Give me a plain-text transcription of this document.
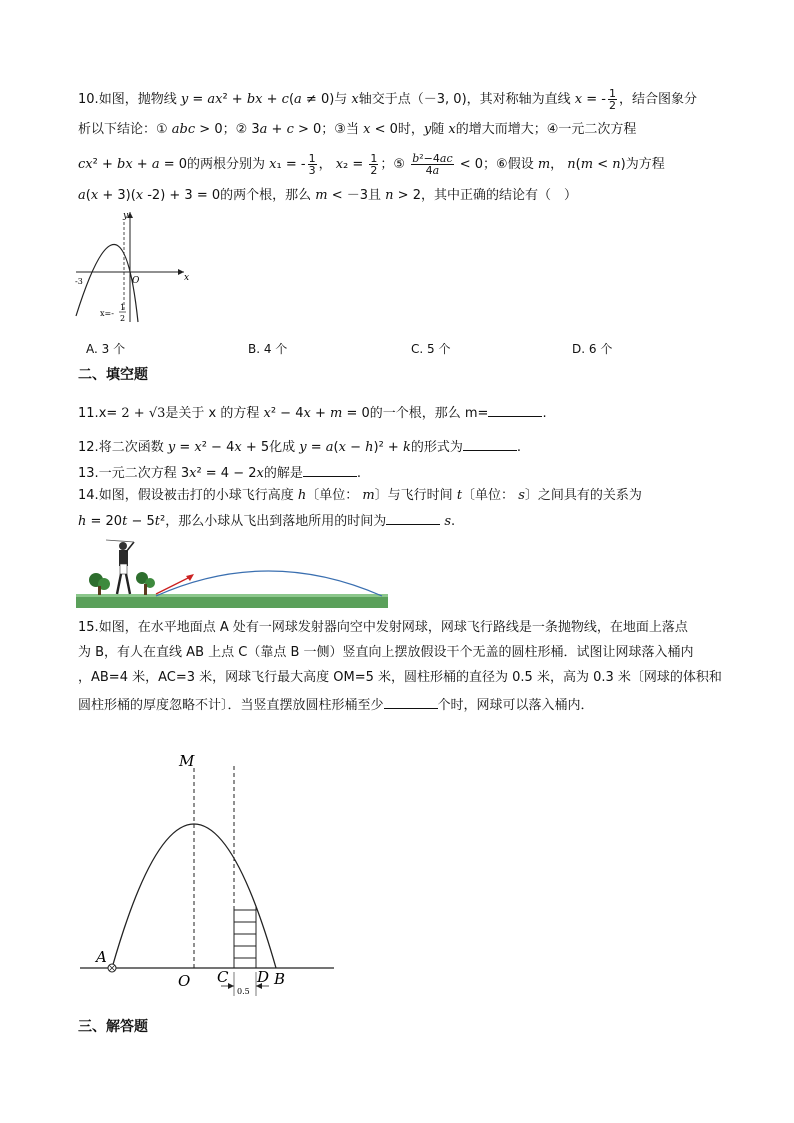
10.如图，抛物线 y = ax² + bx + c(a ≠ 0)与 x轴交于点（－3, 0)，其对称轴为直线 x = - $\frac{1}{2}$ ，结合图象分
析以下结论：① abc > 0；② 3a + c > 0；③当 x < 0时，y随 x的增大而增大；④一元二次方程
cx² + bx + a = 0的两根分别为 x₁ = - $\frac{1}{3}$ ， $x_2 = \frac{1}{2}$ ；⑤ $\frac{\text{b²−4ac}}{4a} < 0$；⑥假设 m， n(m < n)为方程
a(x + 3)(x -2) + 3 = 0的两个根，那么 m < －3且 n > 2，其中正确的结论有（　）
x
y
O
-3
x=-
1
2
A. 3 个	B. 4 个	C. 5 个	D. 6 个
二、填空题
11.x= 2 + √3是关于 x 的方程 x² − 4x + m = 0的一个根，那么 m=	.
12.将二次函数 y = x² − 4x + 5化成 y = a(x − h)² + k的形式为	.
13.一元二次方程 3x² = 4 − 2x的解是	.
14.如图，假设被击打的小球飞行高度 h〔单位： m〕与飞行时间 t〔单位： s〕之间具有的关系为
h = 20t − 5t²，那么小球从飞出到落地所用的时间为	s.
15.如图，在水平地面点 A 处有一网球发射器向空中发射网球，网球飞行路线是一条抛物线，在地面上落点
为 B，有人在直线 AB 上点 C（靠点 B 一侧）竖直向上摆放假设干个无盖的圆柱形桶．试图让网球落入桶内
，AB=4 米，AC=3 米，网球飞行最大高度 OM=5 米，圆柱形桶的直径为 0.5 米，高为 0.3 米〔网球的体积和
圆柱形桶的厚度忽略不计〕．当竖直摆放圆柱形桶至少	个时，网球可以落入桶内．
M
A
O C D B
0.5
三、解答题
